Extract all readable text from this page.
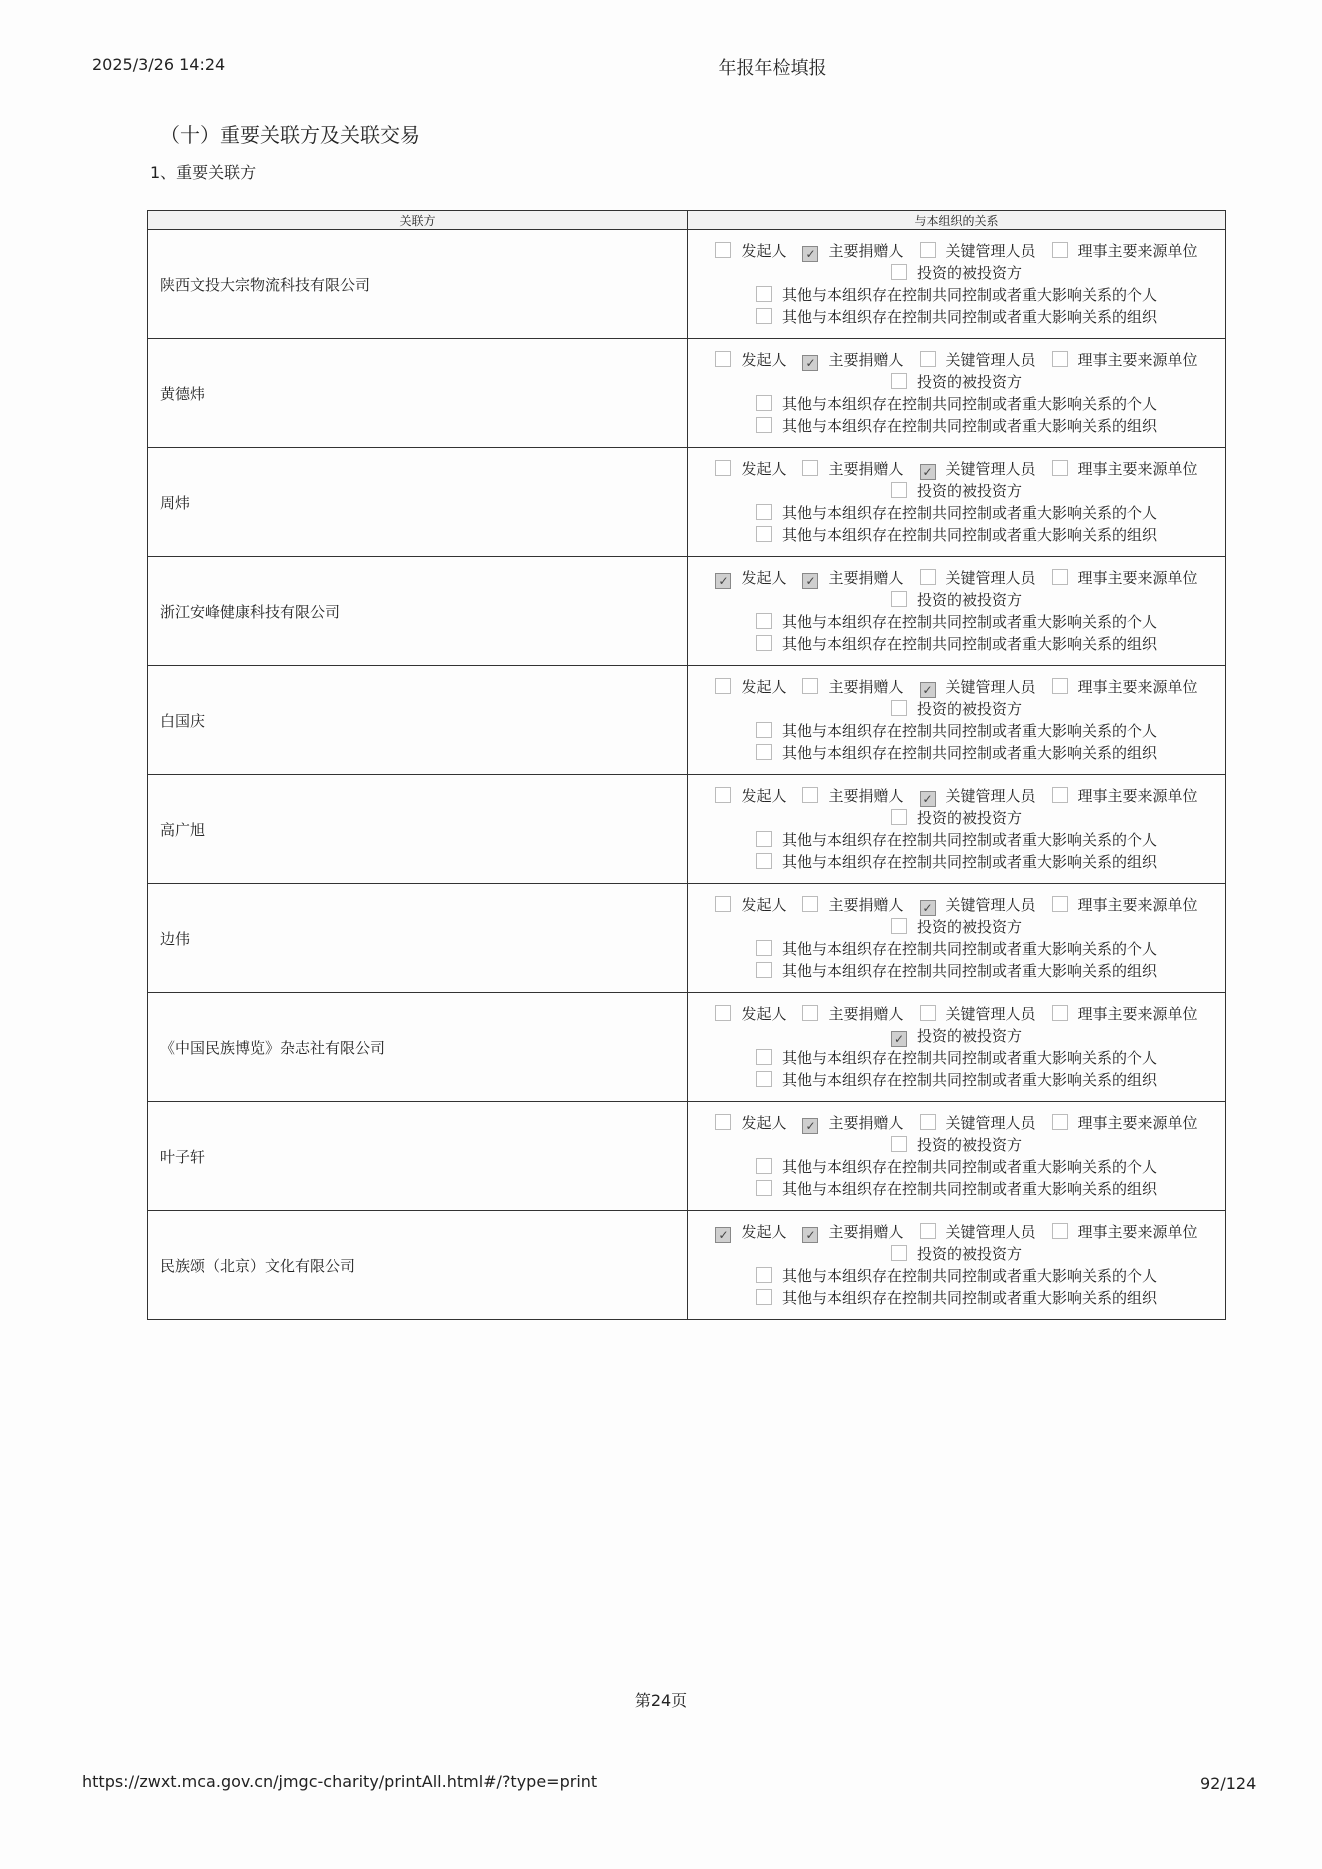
2025/3/26 14:24	年报年检填报
（十）重要关联方及关联交易
1、重要关联方
关联方	与本组织的关系
陕西文投大宗物流科技有限公司	发起人 ✓ 主要捐赠人 关键管理人员 理事主要来源单位
投资的被投资方
其他与本组织存在控制共同控制或者重大影响关系的个人
其他与本组织存在控制共同控制或者重大影响关系的组织

黄德炜	发起人 ✓ 主要捐赠人 关键管理人员 理事主要来源单位
投资的被投资方
其他与本组织存在控制共同控制或者重大影响关系的个人
其他与本组织存在控制共同控制或者重大影响关系的组织

周炜	发起人 主要捐赠人 ✓ 关键管理人员 理事主要来源单位
投资的被投资方
其他与本组织存在控制共同控制或者重大影响关系的个人
其他与本组织存在控制共同控制或者重大影响关系的组织

浙江安峰健康科技有限公司	✓ 发起人 ✓ 主要捐赠人 关键管理人员 理事主要来源单位
投资的被投资方
其他与本组织存在控制共同控制或者重大影响关系的个人
其他与本组织存在控制共同控制或者重大影响关系的组织

白国庆	发起人 主要捐赠人 ✓ 关键管理人员 理事主要来源单位
投资的被投资方
其他与本组织存在控制共同控制或者重大影响关系的个人
其他与本组织存在控制共同控制或者重大影响关系的组织

高广旭	发起人 主要捐赠人 ✓ 关键管理人员 理事主要来源单位
投资的被投资方
其他与本组织存在控制共同控制或者重大影响关系的个人
其他与本组织存在控制共同控制或者重大影响关系的组织

边伟	发起人 主要捐赠人 ✓ 关键管理人员 理事主要来源单位
投资的被投资方
其他与本组织存在控制共同控制或者重大影响关系的个人
其他与本组织存在控制共同控制或者重大影响关系的组织

《中国民族博览》杂志社有限公司	发起人 主要捐赠人 关键管理人员 理事主要来源单位
✓ 投资的被投资方
其他与本组织存在控制共同控制或者重大影响关系的个人
其他与本组织存在控制共同控制或者重大影响关系的组织

叶子轩	发起人 ✓ 主要捐赠人 关键管理人员 理事主要来源单位
投资的被投资方
其他与本组织存在控制共同控制或者重大影响关系的个人
其他与本组织存在控制共同控制或者重大影响关系的组织

民族颂（北京）文化有限公司	✓ 发起人 ✓ 主要捐赠人 关键管理人员 理事主要来源单位
投资的被投资方
其他与本组织存在控制共同控制或者重大影响关系的个人
其他与本组织存在控制共同控制或者重大影响关系的组织
第24页
https://zwxt.mca.gov.cn/jmgc-charity/printAll.html#/?type=print	92/124
